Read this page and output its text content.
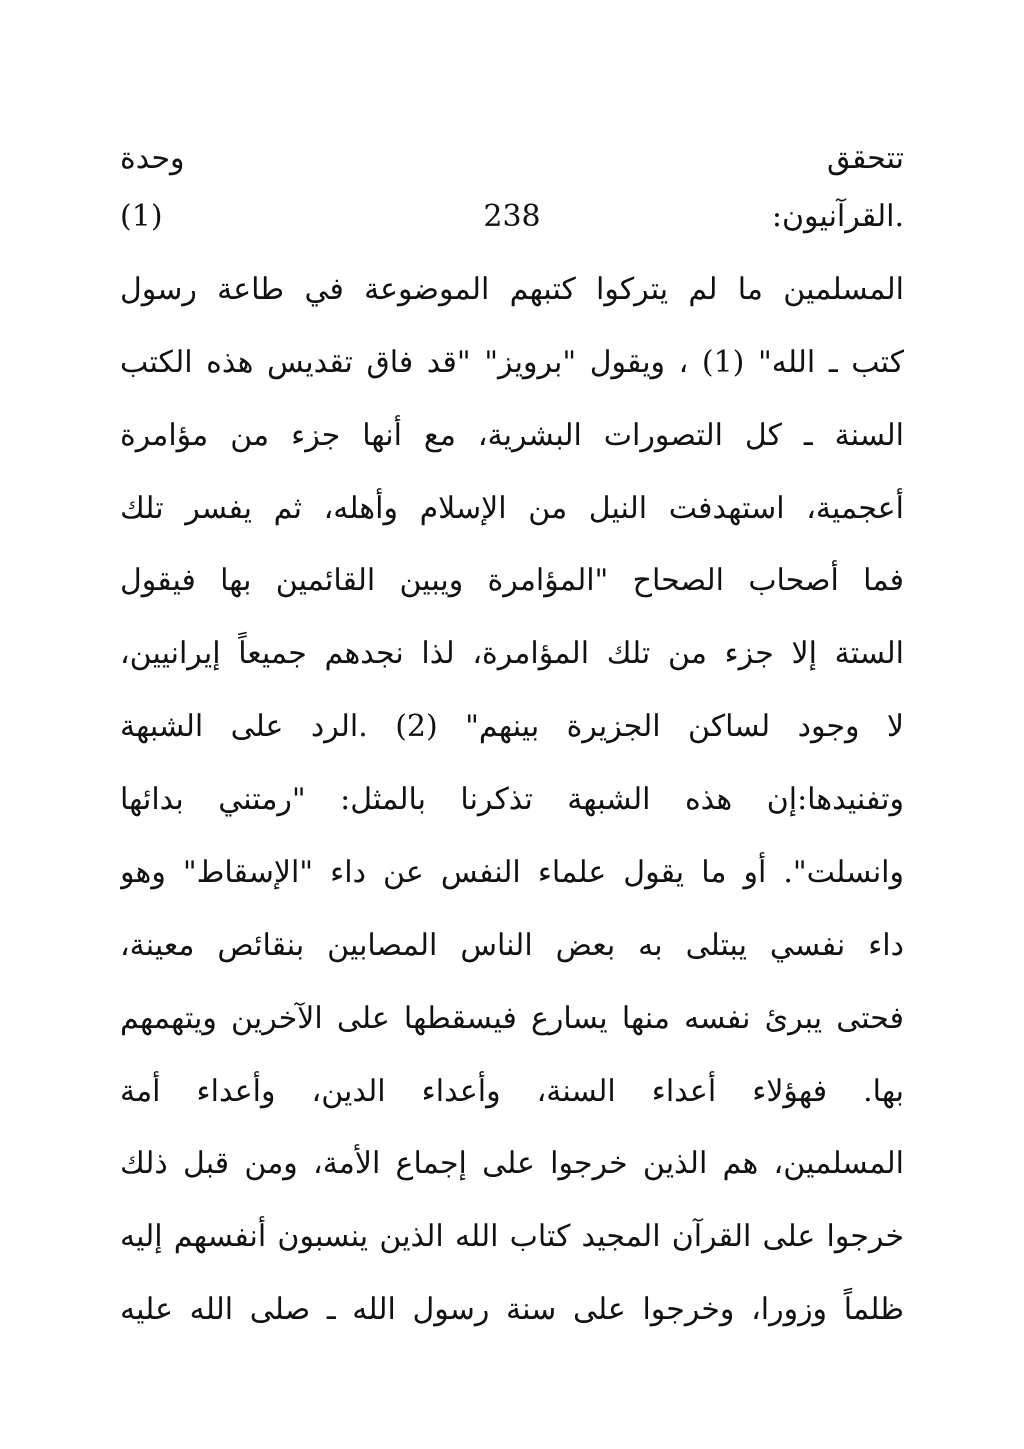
تتحقق
وحدة
.القرآنيون:
238
(1)
المسلمين ما لم يتركوا كتبهم الموضوعة في طاعة رسول
كتب ـ الله" (1) ، ويقول "برويز" "قد فاق تقديس هذه الكتب
السنة ـ كل التصورات البشرية، مع أنها جزء من مؤامرة
أعجمية، استهدفت النيل من الإسلام وأهله، ثم يفسر تلك
فما أصحاب الصحاح "المؤامرة ويبين القائمين بها فيقول
الستة إلا جزء من تلك المؤامرة، لذا نجدهم جميعاً إيرانيين،
لا وجود لساكن الجزيرة بينهم" (2) .الرد على الشبهة
وتفنيدها:إن هذه الشبهة تذكرنا بالمثل: "رمتني بدائها
وانسلت". أو ما يقول علماء النفس عن داء "الإسقاط" وهو
داء نفسي يبتلى به بعض الناس المصابين بنقائص معينة،
فحتى يبرئ نفسه منها يسارع فيسقطها على الآخرين ويتهمهم
بها. فهؤلاء أعداء السنة، وأعداء الدين، وأعداء أمة
المسلمين، هم الذين خرجوا على إجماع الأمة، ومن قبل ذلك
خرجوا على القرآن المجيد كتاب الله الذين ينسبون أنفسهم إليه
ظلماً وزورا، وخرجوا على سنة رسول الله ـ صلى الله عليه
